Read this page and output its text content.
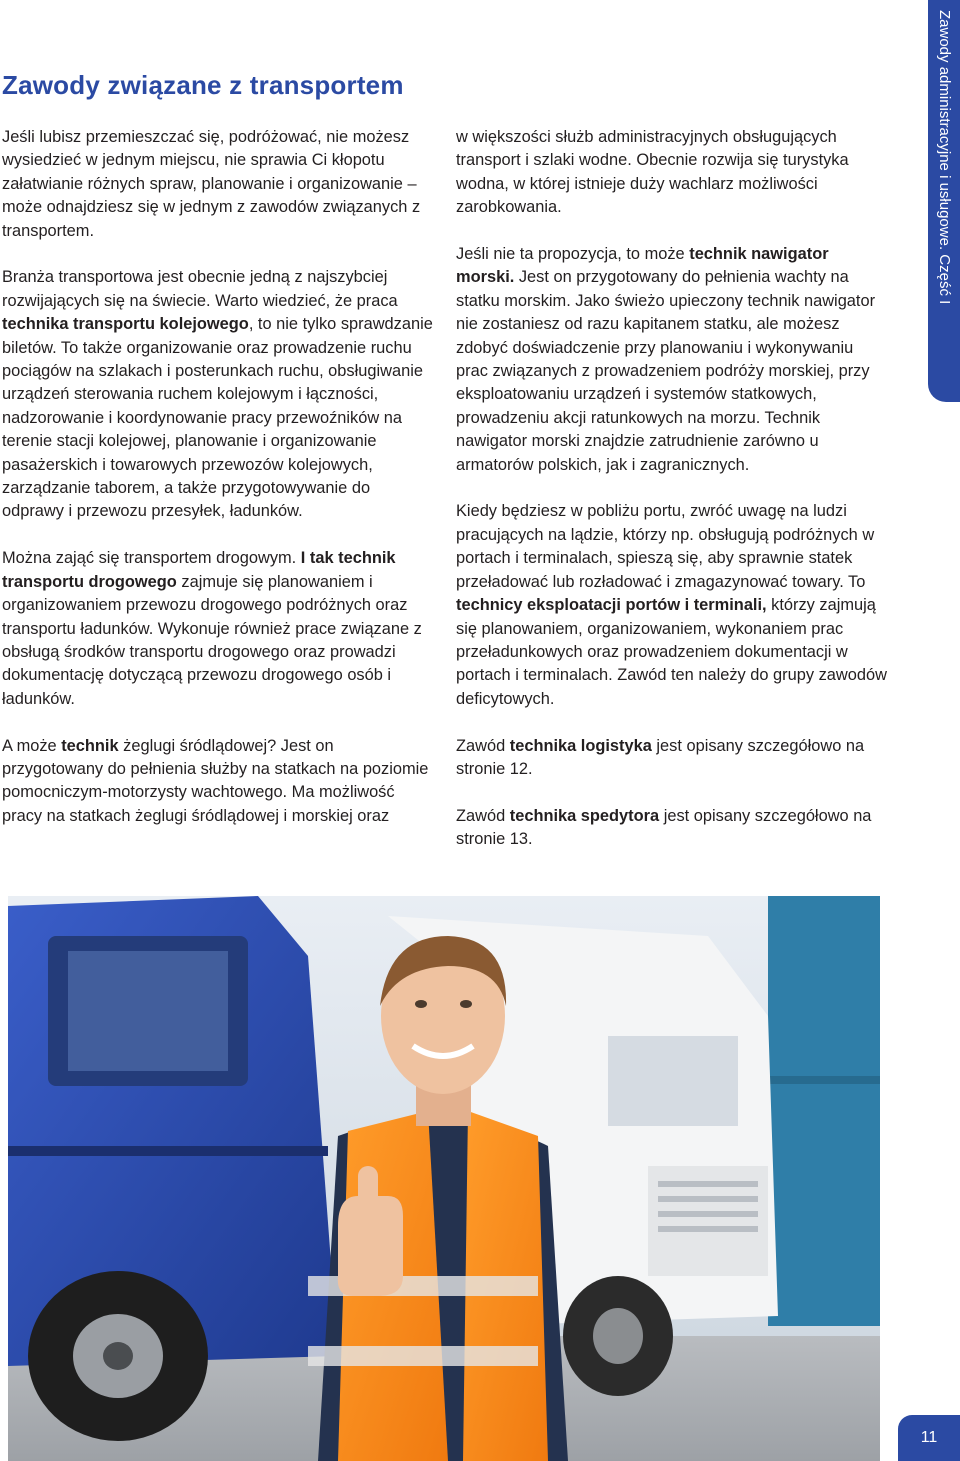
Zawody związane z transportem	Zawody administracyjne i usługowe. Część I

Jeśli lubisz przemieszczać się, podróżować, nie możesz wysiedzieć w jednym miejscu, nie sprawia Ci kłopotu załatwianie różnych spraw, planowanie i organizowanie – może odnajdziesz się w jednym z zawodów związanych z transportem.

Branża transportowa jest obecnie jedną z najszybciej rozwijających się na świecie. Warto wiedzieć, że praca technika transportu kolejowego, to nie tylko sprawdzanie biletów. To także organizowanie oraz prowadzenie ruchu pociągów na szlakach i posterunkach ruchu, obsługiwanie urządzeń sterowania ruchem kolejowym i łączności, nadzorowanie i koordynowanie pracy przewoźników na terenie stacji kolejowej, planowanie i organizowanie pasażerskich i towarowych przewozów kolejowych, zarządzanie taborem, a także przygotowywanie do odprawy i przewozu przesyłek, ładunków.

Można zająć się transportem drogowym. I tak technik transportu drogowego zajmuje się planowaniem i organizowaniem przewozu drogowego podróżnych oraz transportu ładunków. Wykonuje również prace związane z obsługą środków transportu drogowego oraz prowadzi dokumentację dotyczącą przewozu drogowego osób i ładunków.

A może technik żeglugi śródlądowej? Jest on przygotowany do pełnienia służby na statkach na poziomie pomocniczym-motorzysty wachtowego. Ma możliwość pracy na statkach żeglugi śródlądowej i morskiej oraz

w większości służb administracyjnych obsługujących transport i szlaki wodne. Obecnie rozwija się turystyka wodna, w której istnieje duży wachlarz możliwości zarobkowania.

Jeśli nie ta propozycja, to może technik nawigator morski. Jest on przygotowany do pełnienia wachty na statku morskim. Jako świeżo upieczony technik nawigator nie zostaniesz od razu kapitanem statku, ale możesz zdobyć doświadczenie przy planowaniu i wykonywaniu prac związanych z prowadzeniem podróży morskiej, przy eksploatowaniu urządzeń i systemów statkowych, prowadzeniu akcji ratunkowych na morzu. Technik nawigator morski znajdzie zatrudnienie zarówno u armatorów polskich, jak i zagranicznych.

Kiedy będziesz w pobliżu portu, zwróć uwagę na ludzi pracujących na lądzie, którzy np. obsługują podróżnych w portach i terminalach, spieszą się, aby sprawnie statek przeładować lub rozładować i zmagazynować towary. To technicy eksploatacji portów i terminali, którzy zajmują się planowaniem, organizowaniem, wykonaniem prac przeładunkowych oraz prowadzeniem dokumentacji w portach i terminalach. Zawód ten należy do grupy zawodów deficytowych.

Zawód technika logistyka jest opisany szczegółowo na stronie 12.

Zawód technika spedytora jest opisany szczegółowo na stronie 13.

11
